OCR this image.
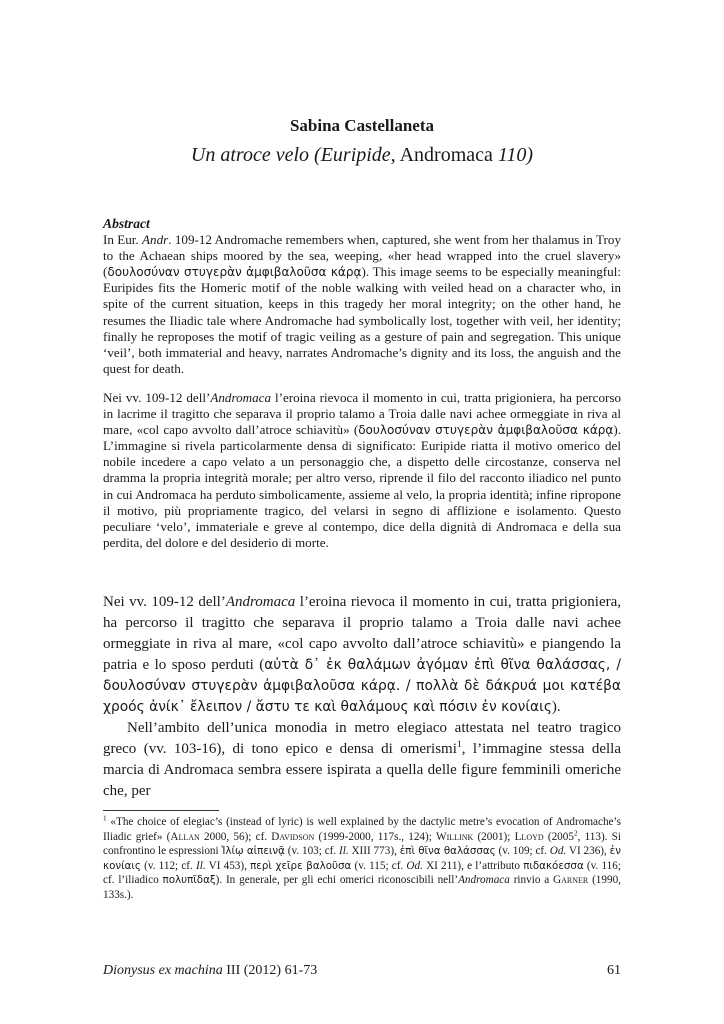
Sabina Castellaneta
Un atroce velo (Euripide, Andromaca 110)
Abstract

In Eur. Andr. 109-12 Andromache remembers when, captured, she went from her thalamus in Troy to the Achaean ships moored by the sea, weeping, «her head wrapped into the cruel slavery» (δουλοσύναν στυγερὰν ἀμφιβαλοῦσα κάρᾳ). This image seems to be especially meaningful: Euripides fits the Homeric motif of the noble walking with veiled head on a character who, in spite of the current situation, keeps in this tragedy her moral integrity; on the other hand, he resumes the Iliadic tale where Andromache had symbolically lost, together with veil, her identity; finally he reproposes the motif of tragic veiling as a gesture of pain and segregation. This unique ‘veil’, both immaterial and heavy, narrates Andromache’s dignity and its loss, the anguish and the quest for death.

Nei vv. 109-12 dell’Andromaca l’eroina rievoca il momento in cui, tratta prigioniera, ha percorso in lacrime il tragitto che separava il proprio talamo a Troia dalle navi achee ormeggiate in riva al mare, «col capo avvolto dall’atroce schiavitù» (δουλοσύναν στυγερὰν ἀμφιβαλοῦσα κάρᾳ). L’immagine si rivela particolarmente densa di significato: Euripide riatta il motivo omerico del nobile incedere a capo velato a un personaggio che, a dispetto delle circostanze, conserva nel dramma la propria integrità morale; per altro verso, riprende il filo del racconto iliadico nel punto in cui Andromaca ha perduto simbolicamente, assieme al velo, la propria identità; infine ripropone il motivo, più propriamente tragico, del velarsi in segno di afflizione e isolamento. Questo peculiare ‘velo’, immateriale e greve al contempo, dice della dignità di Andromaca e della sua perdita, del dolore e del desiderio di morte.

Nei vv. 109-12 dell’Andromaca l’eroina rievoca il momento in cui, tratta prigioniera, ha percorso il tragitto che separava il proprio talamo a Troia dalle navi achee ormeggiate in riva al mare, «col capo avvolto dall’atroce schiavitù» e piangendo la patria e lo sposo perduti (αὐτὰ δ᾽ ἐκ θαλάμων ἀγόμαν ἐπὶ θῖνα θαλάσσας, / δουλοσύναν στυγερὰν ἀμφιβαλοῦσα κάρᾳ. / πολλὰ δὲ δάκρυά μοι κατέβα χροός ἀνίκ᾽ ἔλειπον / ἄστυ τε καὶ θαλάμους καὶ πόσιν ἐν κονίαις).

Nell’ambito dell’unica monodia in metro elegiaco attestata nel teatro tragico greco (vv. 103-16), di tono epico e densa di omerismi$^1$, l’immagine stessa della marcia di Andromaca sembra essere ispirata a quella delle figure femminili omeriche che, per

$^1$ «The choice of elegiac’s (instead of lyric) is well explained by the dactylic metre’s evocation of Andromache’s Iliadic grief» (Allan 2000, 56); cf. Davidson (1999-2000, 117s., 124); Willink (2001); Lloyd (2005$^2$, 113). Si confrontino le espressioni Ἰλίῳ αἰπεινᾷ (v. 103; cf. Il. XIII 773), ἐπὶ θῖνα θαλάσσας (v. 109; cf. Od. VI 236), ἐν κονίαις (v. 112; cf. Il. VI 453), περὶ χεῖρε βαλοῦσα (v. 115; cf. Od. XI 211), e l’attributo πιδακόεσσα (v. 116; cf. l’iliadico πολυπῖδαξ). In generale, per gli echi omerici riconoscibili nell’Andromaca rinvio a Garner (1990, 133s.).
Dionysus ex machina III (2012) 61-73	61
